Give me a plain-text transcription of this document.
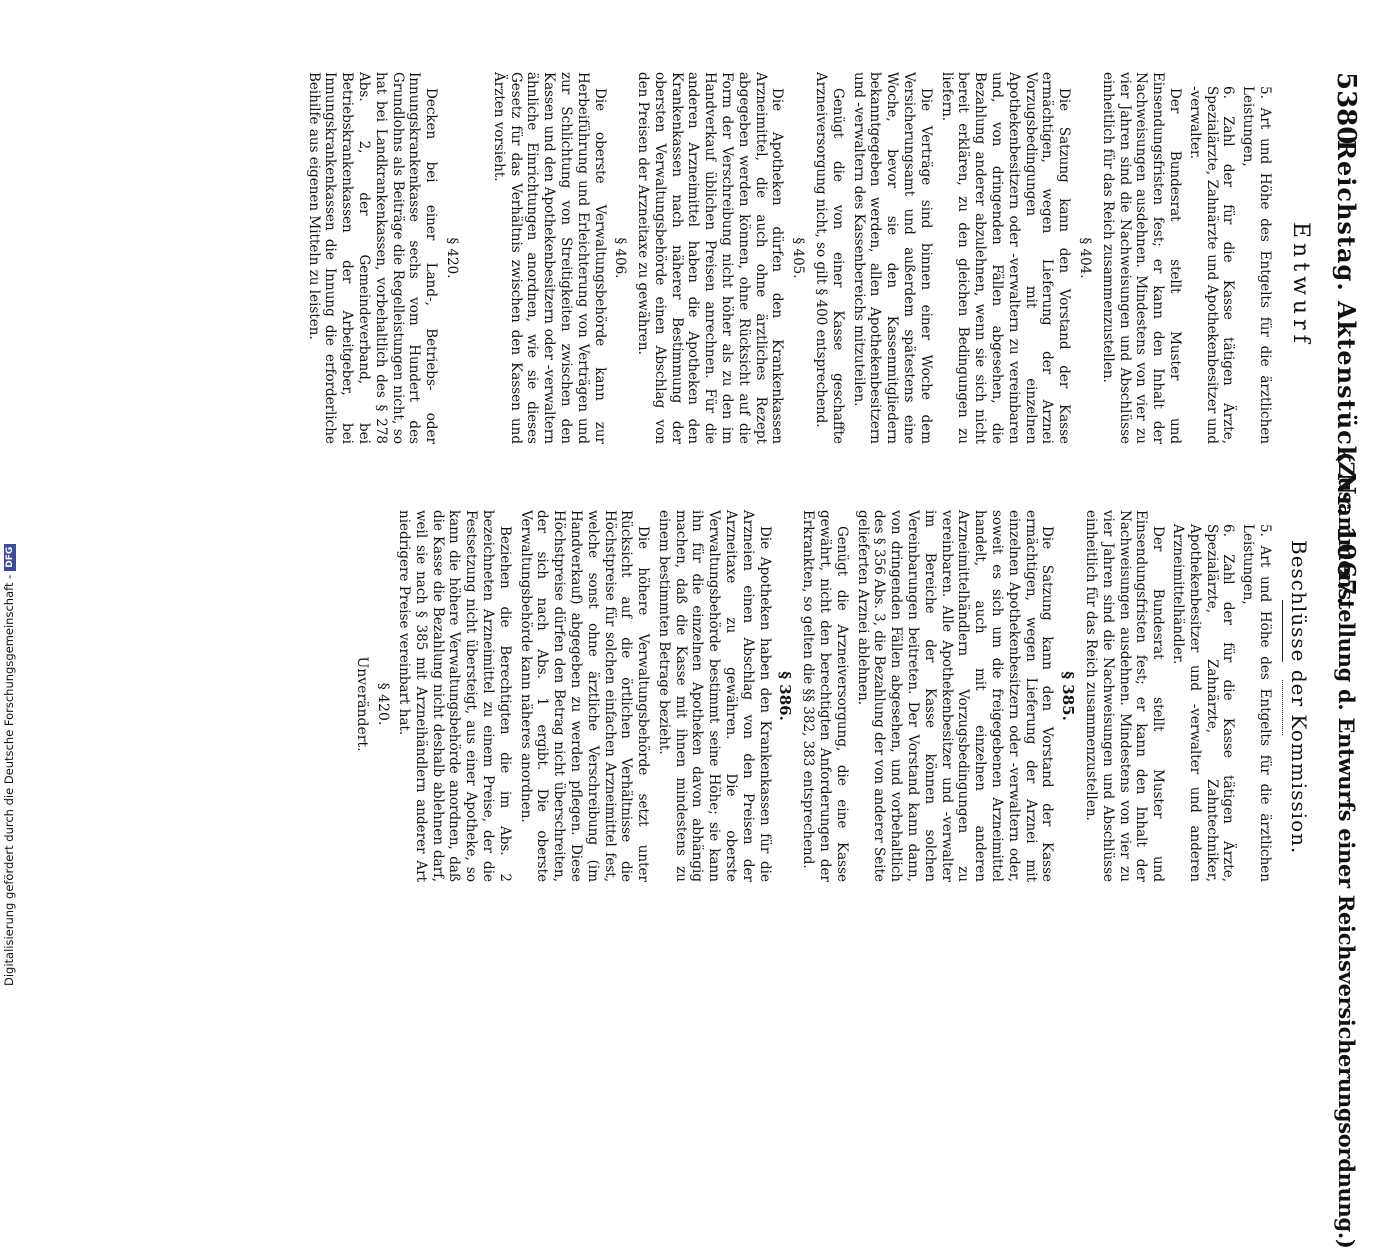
5380
Reichstag. Aktenstück Nr. 1067.
(Zusammenstellung d. Entwurfs einer Reichsversicherungsordnung.)
Entwurf
Beschlüsse der Kommission.

5. Art und Höhe des Entgelts für die ärztlichen Leistungen,

6. Zahl der für die Kasse tätigen Ärzte, Spezialärzte, Zahnärzte und Apothekenbesitzer und -verwalter.

Der Bundesrat stellt Muster und Einsendungsfristen fest; er kann den Inhalt der Nachweisungen ausdehnen. Mindestens von vier zu vier Jahren sind die Nachweisungen und Abschlüsse einheitlich für das Reich zusammenzustellen.

§ 404.

Die Satzung kann den Vorstand der Kasse ermächtigen, wegen Lieferung der Arznei Vorzugsbedingungen mit einzelnen Apothekenbesitzern oder -verwaltern zu vereinbaren und, von dringenden Fällen abgesehen, die Bezahlung anderer abzulehnen, wenn sie sich nicht bereit erklären, zu den gleichen Bedingungen zu liefern.

Die Verträge sind binnen einer Woche dem Versicherungsamt und außerdem spätestens eine Woche, bevor sie den Kassenmitgliedern bekanntgegeben werden, allen Apothekenbesitzern und -verwaltern des Kassenbereichs mitzuteilen.

Genügt die von einer Kasse geschaffte Arzneiversorgung nicht, so gilt § 400 entsprechend.

§ 405.

Die Apotheken dürfen den Krankenkassen Arzneimittel, die auch ohne ärztliches Rezept abgegeben werden können, ohne Rücksicht auf die Form der Verschreibung nicht höher als zu den im Handverkauf üblichen Preisen anrechnen. Für die anderen Arzneimittel haben die Apotheken den Krankenkassen nach näherer Bestimmung der obersten Verwaltungsbehörde einen Abschlag von den Preisen der Arzneitaxe zu gewähren.

§ 406.

Die oberste Verwaltungsbehörde kann zur Herbeiführung und Erleichterung von Verträgen und zur Schlichtung von Streitigkeiten zwischen den Kassen und den Apothekenbesitzern oder -verwaltern ähnliche Einrichtungen anordnen, wie sie dieses Gesetz für das Verhältnis zwischen den Kassen und Ärzten vorsieht.

§ 420.

Decken bei einer Land-, Betriebs- oder Innungskrankenkasse sechs vom Hundert des Grundlohns als Beiträge die Regelleistungen nicht, so hat bei Landkrankenkassen, vorbehaltlich des § 278 Abs. 2, der Gemeindeverband, bei Betriebskrankenkassen der Arbeitgeber, bei Innungskrankenkassen die Innung die erforderliche Beihilfe aus eigenen Mitteln zu leisten.

5. Art und Höhe des Entgelts für die ärztlichen Leistungen,

6. Zahl der für die Kasse tätigen Ärzte, Spezialärzte, Zahnärzte, Zahntechniker, Apothekenbesitzer und -verwalter und anderen Arzneimittelhändler.

Der Bundesrat stellt Muster und Einsendungsfristen fest; er kann den Inhalt der Nachweisungen ausdehnen. Mindestens von vier zu vier Jahren sind die Nachweisungen und Abschlüsse einheitlich für das Reich zusammenzustellen.

§ 385.

Die Satzung kann den Vorstand der Kasse ermächtigen, wegen Lieferung der Arznei mit einzelnen Apothekenbesitzern oder -verwaltern oder, soweit es sich um die freigegebenen Arzneimittel handelt, auch mit einzelnen anderen Arzneimittelhändlern Vorzugsbedingungen zu vereinbaren. Alle Apothekenbesitzer und -verwalter im Bereiche der Kasse können solchen Vereinbarungen beitreten. Der Vorstand kann dann, von dringenden Fällen abgesehen, und vorbehaltlich des § 356 Abs. 3, die Bezahlung der von anderer Seite gelieferten Arznei ablehnen.

Genügt die Arzneiversorgung, die eine Kasse gewährt, nicht den berechtigten Anforderungen der Erkrankten, so gelten die §§ 382, 383 entsprechend.

§ 386.

Die Apotheken haben den Krankenkassen für die Arzneien einen Abschlag von den Preisen der Arzneitaxe zu gewähren. Die oberste Verwaltungsbehörde bestimmt seine Höhe; sie kann ihn für die einzelnen Apotheken davon abhängig machen, daß die Kasse mit ihnen mindestens zu einem bestimmten Betrage bezieht.

Die höhere Verwaltungsbehörde setzt unter Rücksicht auf die örtlichen Verhältnisse die Höchstpreise für solchen einfachen Arzneimittel fest, welche sonst ohne ärztliche Verschreibung (im Handverkauf) abgegeben zu werden pflegen. Diese Höchstpreise dürfen den Betrag nicht überschreiten, der sich nach Abs. 1 ergibt. Die oberste Verwaltungsbehörde kann näheres anordnen.

Beziehen die Berechtigten die im Abs. 2 bezeichneten Arzneimittel zu einem Preise, der die Festsetzung nicht übersteigt, aus einer Apotheke, so kann die höhere Verwaltungsbehörde anordnen, daß die Kasse die Bezahlung nicht deshalb ablehnen darf, weil sie nach § 385 mit Arzneihändlern anderer Art niedrigere Preise vereinbart hat.

§ 420.

Unverändert.

Digitalisierung gefördert durch die Deutsche Forschungsgemeinschaft -DFG
